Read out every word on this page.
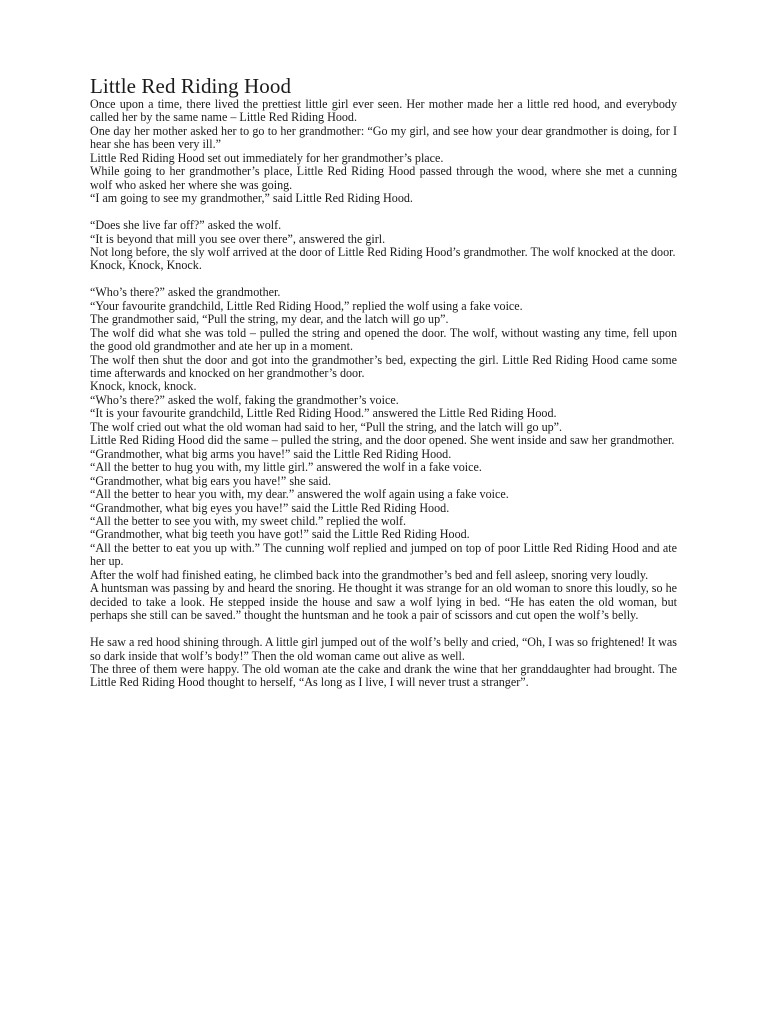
Little Red Riding Hood

Once upon a time, there lived the prettiest little girl ever seen. Her mother made her a little red hood, and everybody called her by the same name – Little Red Riding Hood.

One day her mother asked her to go to her grandmother: “Go my girl, and see how your dear grandmother is doing, for I hear she has been very ill.”

Little Red Riding Hood set out immediately for her grandmother’s place.

While going to her grandmother’s place, Little Red Riding Hood passed through the wood, where she met a cunning wolf who asked her where she was going.

“I am going to see my grandmother,” said Little Red Riding Hood.

“Does she live far off?” asked the wolf.

“It is beyond that mill you see over there”, answered the girl.

Not long before, the sly wolf arrived at the door of Little Red Riding Hood’s grandmother. The wolf knocked at the door.

Knock, Knock, Knock.

“Who’s there?” asked the grandmother.

“Your favourite grandchild, Little Red Riding Hood,” replied the wolf using a fake voice.

The grandmother said, “Pull the string, my dear, and the latch will go up”.

The wolf did what she was told – pulled the string and opened the door. The wolf, without wasting any time, fell upon the good old grandmother and ate her up in a moment.

The wolf then shut the door and got into the grandmother’s bed, expecting the girl. Little Red Riding Hood came some time afterwards and knocked on her grandmother’s door.

Knock, knock, knock.

“Who’s there?” asked the wolf, faking the grandmother’s voice.

“It is your favourite grandchild, Little Red Riding Hood.” answered the Little Red Riding Hood.

The wolf cried out what the old woman had said to her, “Pull the string, and the latch will go up”.

Little Red Riding Hood did the same – pulled the string, and the door opened. She went inside and saw her grandmother.

“Grandmother, what big arms you have!” said the Little Red Riding Hood.

“All the better to hug you with, my little girl.” answered the wolf in a fake voice.

“Grandmother, what big ears you have!” she said.

“All the better to hear you with, my dear.” answered the wolf again using a fake voice.

“Grandmother, what big eyes you have!” said the Little Red Riding Hood.

“All the better to see you with, my sweet child.” replied the wolf.

“Grandmother, what big teeth you have got!” said the Little Red Riding Hood.

“All the better to eat you up with.” The cunning wolf replied and jumped on top of poor Little Red Riding Hood and ate her up.

After the wolf had finished eating, he climbed back into the grandmother’s bed and fell asleep, snoring very loudly.

A huntsman was passing by and heard the snoring. He thought it was strange for an old woman to snore this loudly, so he decided to take a look. He stepped inside the house and saw a wolf lying in bed. “He has eaten the old woman, but perhaps she still can be saved.” thought the huntsman and he took a pair of scissors and cut open the wolf’s belly.

He saw a red hood shining through. A little girl jumped out of the wolf’s belly and cried, “Oh, I was so frightened! It was so dark inside that wolf’s body!” Then the old woman came out alive as well.

The three of them were happy. The old woman ate the cake and drank the wine that her granddaughter had brought. The Little Red Riding Hood thought to herself, “As long as I live, I will never trust a stranger”.
